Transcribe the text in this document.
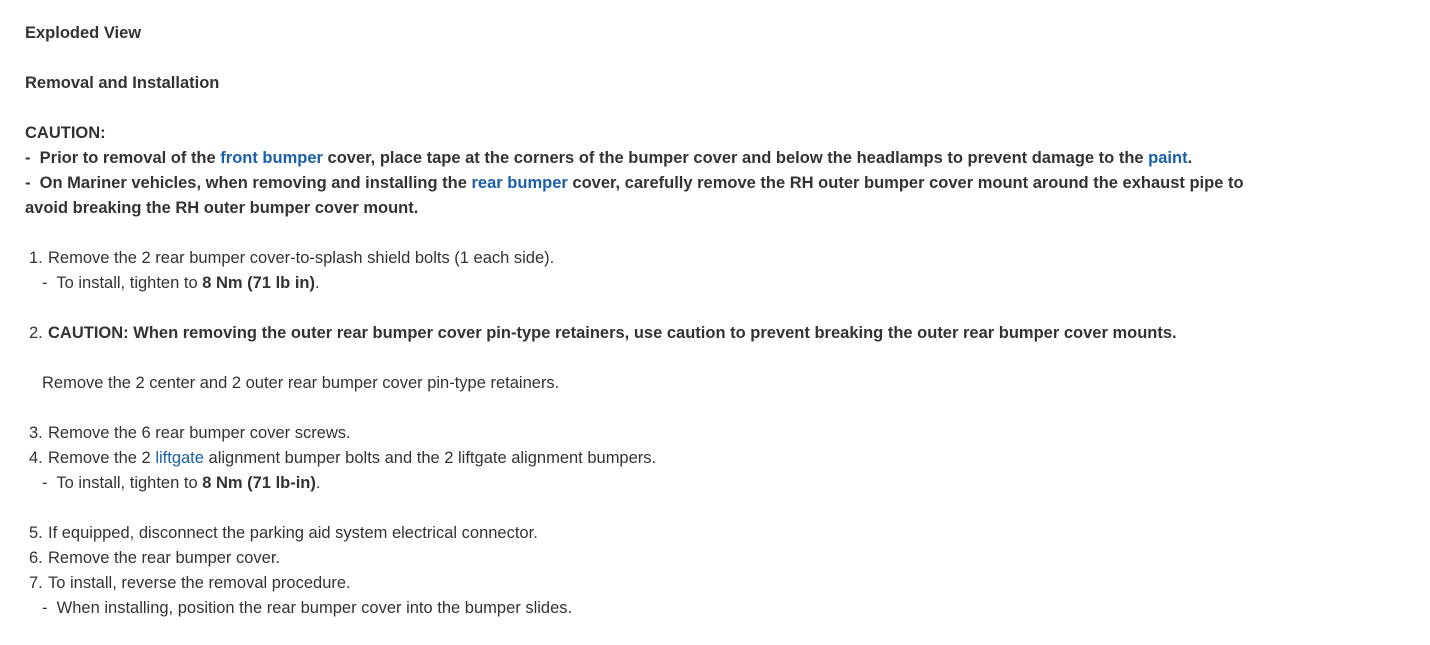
Exploded View
Removal and Installation
CAUTION:
-  Prior to removal of the front bumper cover, place tape at the corners of the bumper cover and below the headlamps to prevent damage to the paint.
-  On Mariner vehicles, when removing and installing the rear bumper cover, carefully remove the RH outer bumper cover mount around the exhaust pipe to avoid breaking the RH outer bumper cover mount.
1. Remove the 2 rear bumper cover-to-splash shield bolts (1 each side).
-  To install, tighten to 8 Nm (71 lb in).
2. CAUTION: When removing the outer rear bumper cover pin-type retainers, use caution to prevent breaking the outer rear bumper cover mounts.
Remove the 2 center and 2 outer rear bumper cover pin-type retainers.
3. Remove the 6 rear bumper cover screws.
4. Remove the 2 liftgate alignment bumper bolts and the 2 liftgate alignment bumpers.
-  To install, tighten to 8 Nm (71 lb-in).
5. If equipped, disconnect the parking aid system electrical connector.
6. Remove the rear bumper cover.
7. To install, reverse the removal procedure.
-  When installing, position the rear bumper cover into the bumper slides.
